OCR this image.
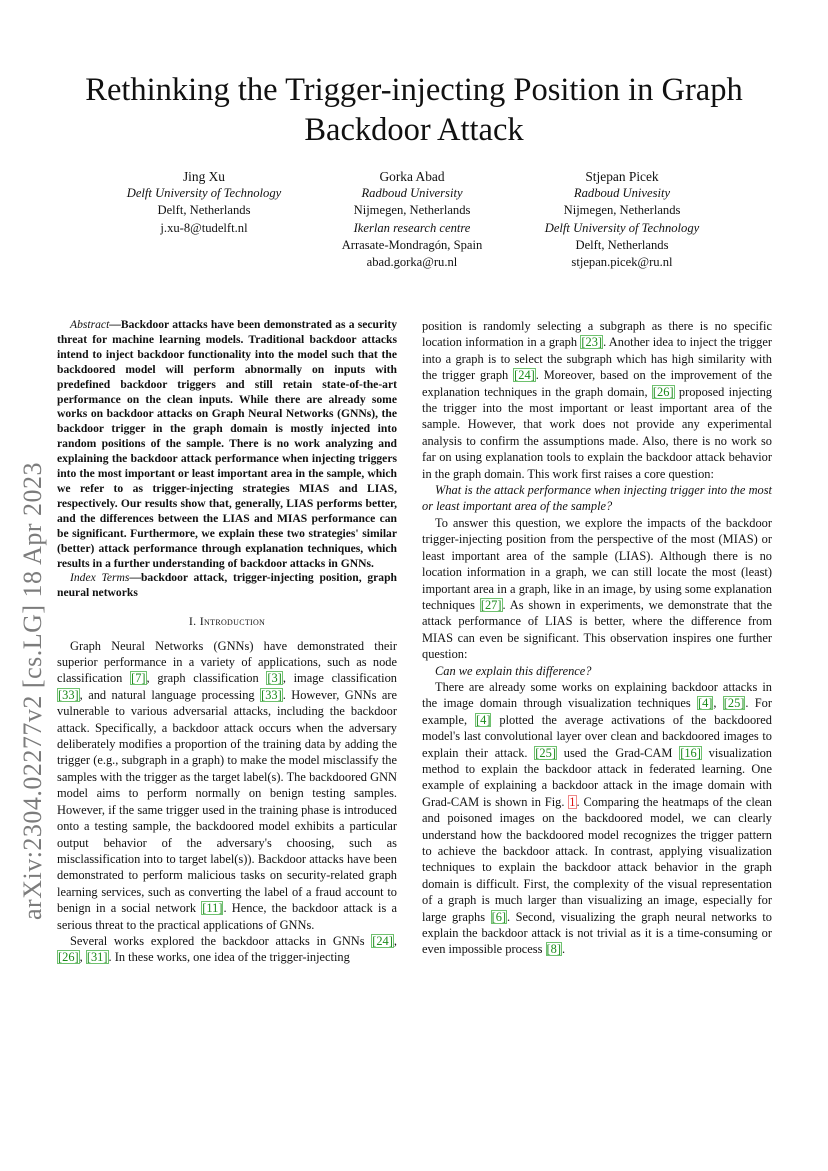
arXiv:2304.02277v2 [cs.LG] 18 Apr 2023
Rethinking the Trigger-injecting Position in Graph Backdoor Attack
Jing Xu
Delft University of Technology
Delft, Netherlands
j.xu-8@tudelft.nl
Gorka Abad
Radboud University
Nijmegen, Netherlands
Ikerlan research centre
Arrasate-Mondragón, Spain
abad.gorka@ru.nl
Stjepan Picek
Radboud Univesity
Nijmegen, Netherlands
Delft University of Technology
Delft, Netherlands
stjepan.picek@ru.nl

Abstract—Backdoor attacks have been demonstrated as a security threat for machine learning models. Traditional backdoor attacks intend to inject backdoor functionality into the model such that the backdoored model will perform abnormally on inputs with predefined backdoor triggers and still retain state-of-the-art performance on the clean inputs. While there are already some works on backdoor attacks on Graph Neural Networks (GNNs), the backdoor trigger in the graph domain is mostly injected into random positions of the sample. There is no work analyzing and explaining the backdoor attack performance when injecting triggers into the most important or least important area in the sample, which we refer to as trigger-injecting strategies MIAS and LIAS, respectively. Our results show that, generally, LIAS performs better, and the differences between the LIAS and MIAS performance can be significant. Furthermore, we explain these two strategies' similar (better) attack performance through explanation techniques, which results in a further understanding of backdoor attacks in GNNs.

Index Terms—backdoor attack, trigger-injecting position, graph neural networks

I. Introduction

Graph Neural Networks (GNNs) have demonstrated their superior performance in a variety of applications, such as node classification [7], graph classification [3], image classification [33], and natural language processing [33]. However, GNNs are vulnerable to various adversarial attacks, including the backdoor attack. Specifically, a backdoor attack occurs when the adversary deliberately modifies a proportion of the training data by adding the trigger (e.g., subgraph in a graph) to make the model misclassify the samples with the trigger as the target label(s). The backdoored GNN model aims to perform normally on benign testing samples. However, if the same trigger used in the training phase is introduced onto a testing sample, the backdoored model exhibits a particular output behavior of the adversary's choosing, such as misclassification into to target label(s)). Backdoor attacks have been demonstrated to perform malicious tasks on security-related graph learning services, such as converting the label of a fraud account to benign in a social network [11]. Hence, the backdoor attack is a serious threat to the practical applications of GNNs.

Several works explored the backdoor attacks in GNNs [24], [26], [31]. In these works, one idea of the trigger-injecting

position is randomly selecting a subgraph as there is no specific location information in a graph [23]. Another idea to inject the trigger into a graph is to select the subgraph which has high similarity with the trigger graph [24]. Moreover, based on the improvement of the explanation techniques in the graph domain, [26] proposed injecting the trigger into the most important or least important area of the sample. However, that work does not provide any experimental analysis to confirm the assumptions made. Also, there is no work so far on using explanation tools to explain the backdoor attack behavior in the graph domain. This work first raises a core question:

What is the attack performance when injecting trigger into the most or least important area of the sample?

To answer this question, we explore the impacts of the backdoor trigger-injecting position from the perspective of the most (MIAS) or least important area of the sample (LIAS). Although there is no location information in a graph, we can still locate the most (least) important area in a graph, like in an image, by using some explanation techniques [27]. As shown in experiments, we demonstrate that the attack performance of LIAS is better, where the difference from MIAS can even be significant. This observation inspires one further question:

Can we explain this difference?

There are already some works on explaining backdoor attacks in the image domain through visualization techniques [4], [25]. For example, [4] plotted the average activations of the backdoored model's last convolutional layer over clean and backdoored images to explain their attack. [25] used the Grad-CAM [16] visualization method to explain the backdoor attack in federated learning. One example of explaining a backdoor attack in the image domain with Grad-CAM is shown in Fig. 1. Comparing the heatmaps of the clean and poisoned images on the backdoored model, we can clearly understand how the backdoored model recognizes the trigger pattern to achieve the backdoor attack. In contrast, applying visualization techniques to explain the backdoor attack behavior in the graph domain is difficult. First, the complexity of the visual representation of a graph is much larger than visualizing an image, especially for large graphs [6]. Second, visualizing the graph neural networks to explain the backdoor attack is not trivial as it is a time-consuming or even impossible process [8].
